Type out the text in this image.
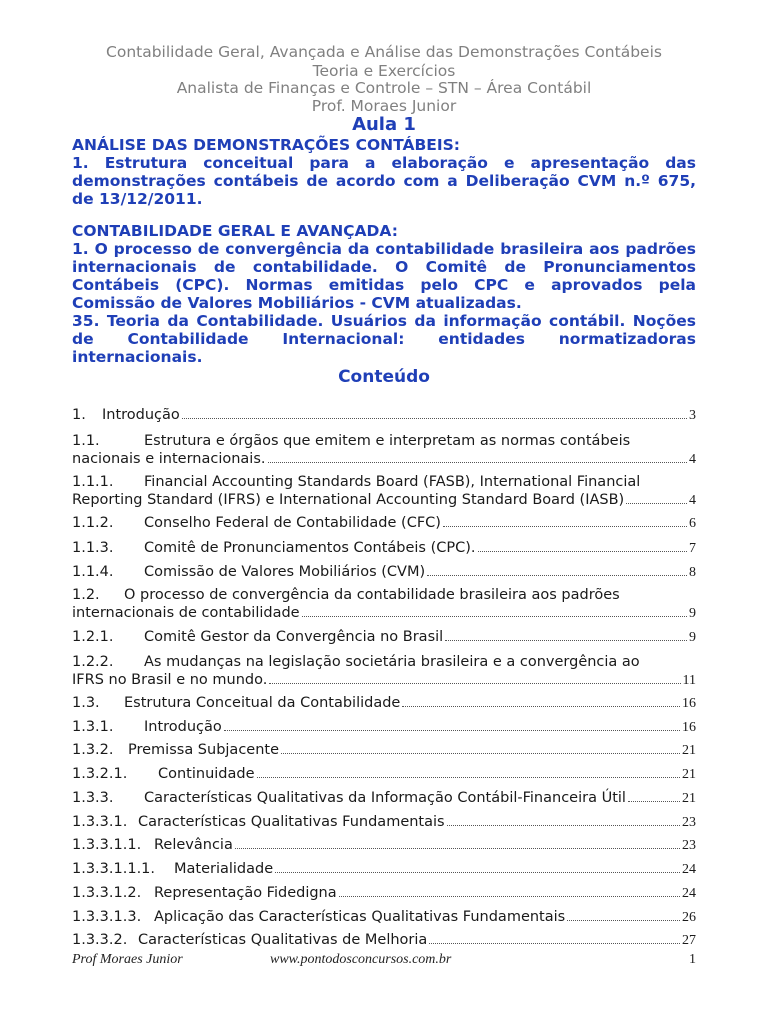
Contabilidade Geral, Avançada e Análise das Demonstrações Contábeis
Teoria e Exercícios
Analista de Finanças e Controle – STN – Área Contábil
Prof. Moraes Junior
Aula 1
ANÁLISE DAS DEMONSTRAÇÕES CONTÁBEIS:
1. Estrutura conceitual para a elaboração e apresentação das
demonstrações contábeis de acordo com a Deliberação CVM n.º 675,
de 13/12/2011.
CONTABILIDADE GERAL E AVANÇADA:
1. O processo de convergência da contabilidade brasileira aos padrões
internacionais de contabilidade. O Comitê de Pronunciamentos
Contábeis (CPC). Normas emitidas pelo CPC e aprovados pela
Comissão de Valores Mobiliários - CVM atualizadas.
35. Teoria da Contabilidade. Usuários da informação contábil. Noções
de Contabilidade Internacional: entidades normatizadoras
internacionais.
Conteúdo
1.	Introdução	3
1.1.	Estrutura e órgãos que emitem e interpretam as normas contábeis
nacionais e internacionais.	4
1.1.1.	Financial Accounting Standards Board (FASB), International Financial
Reporting Standard (IFRS) e International Accounting Standard Board (IASB)	4
1.1.2.	Conselho Federal de Contabilidade (CFC)	6
1.1.3.	Comitê de Pronunciamentos Contábeis (CPC).	7
1.1.4.	Comissão de Valores Mobiliários (CVM)	8
1.2.	O processo de convergência da contabilidade brasileira aos padrões
internacionais de contabilidade	9
1.2.1.	Comitê Gestor da Convergência no Brasil	9
1.2.2.	As mudanças na legislação societária brasileira e a convergência ao
IFRS no Brasil e no mundo.	11
1.3.	Estrutura Conceitual da Contabilidade	16
1.3.1.	Introdução	16
1.3.2. Premissa Subjacente	21
1.3.2.1.	Continuidade	21
1.3.3.	Características Qualitativas da Informação Contábil-Financeira Útil	21
1.3.3.1. Características Qualitativas Fundamentais	23
1.3.3.1.1. Relevância	23
1.3.3.1.1.1.	Materialidade	24
1.3.3.1.2. Representação Fidedigna	24
1.3.3.1.3. Aplicação das Características Qualitativas Fundamentais	26
1.3.3.2. Características Qualitativas de Melhoria	27
Prof Moraes Junior	www.pontodosconcursos.com.br	1
